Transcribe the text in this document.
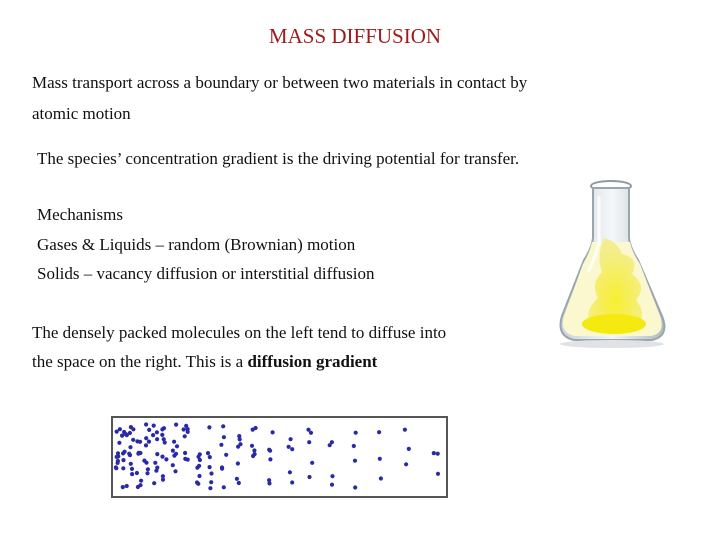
MASS DIFFUSION
Mass transport across a boundary or between two materials in contact by
atomic motion
The species’ concentration gradient is the driving potential for transfer.
Mechanisms
Gases & Liquids – random (Brownian) motion
Solids – vacancy diffusion or interstitial diffusion
The densely packed molecules on the left tend to diffuse into
the space on the right. This is a diffusion gradient
